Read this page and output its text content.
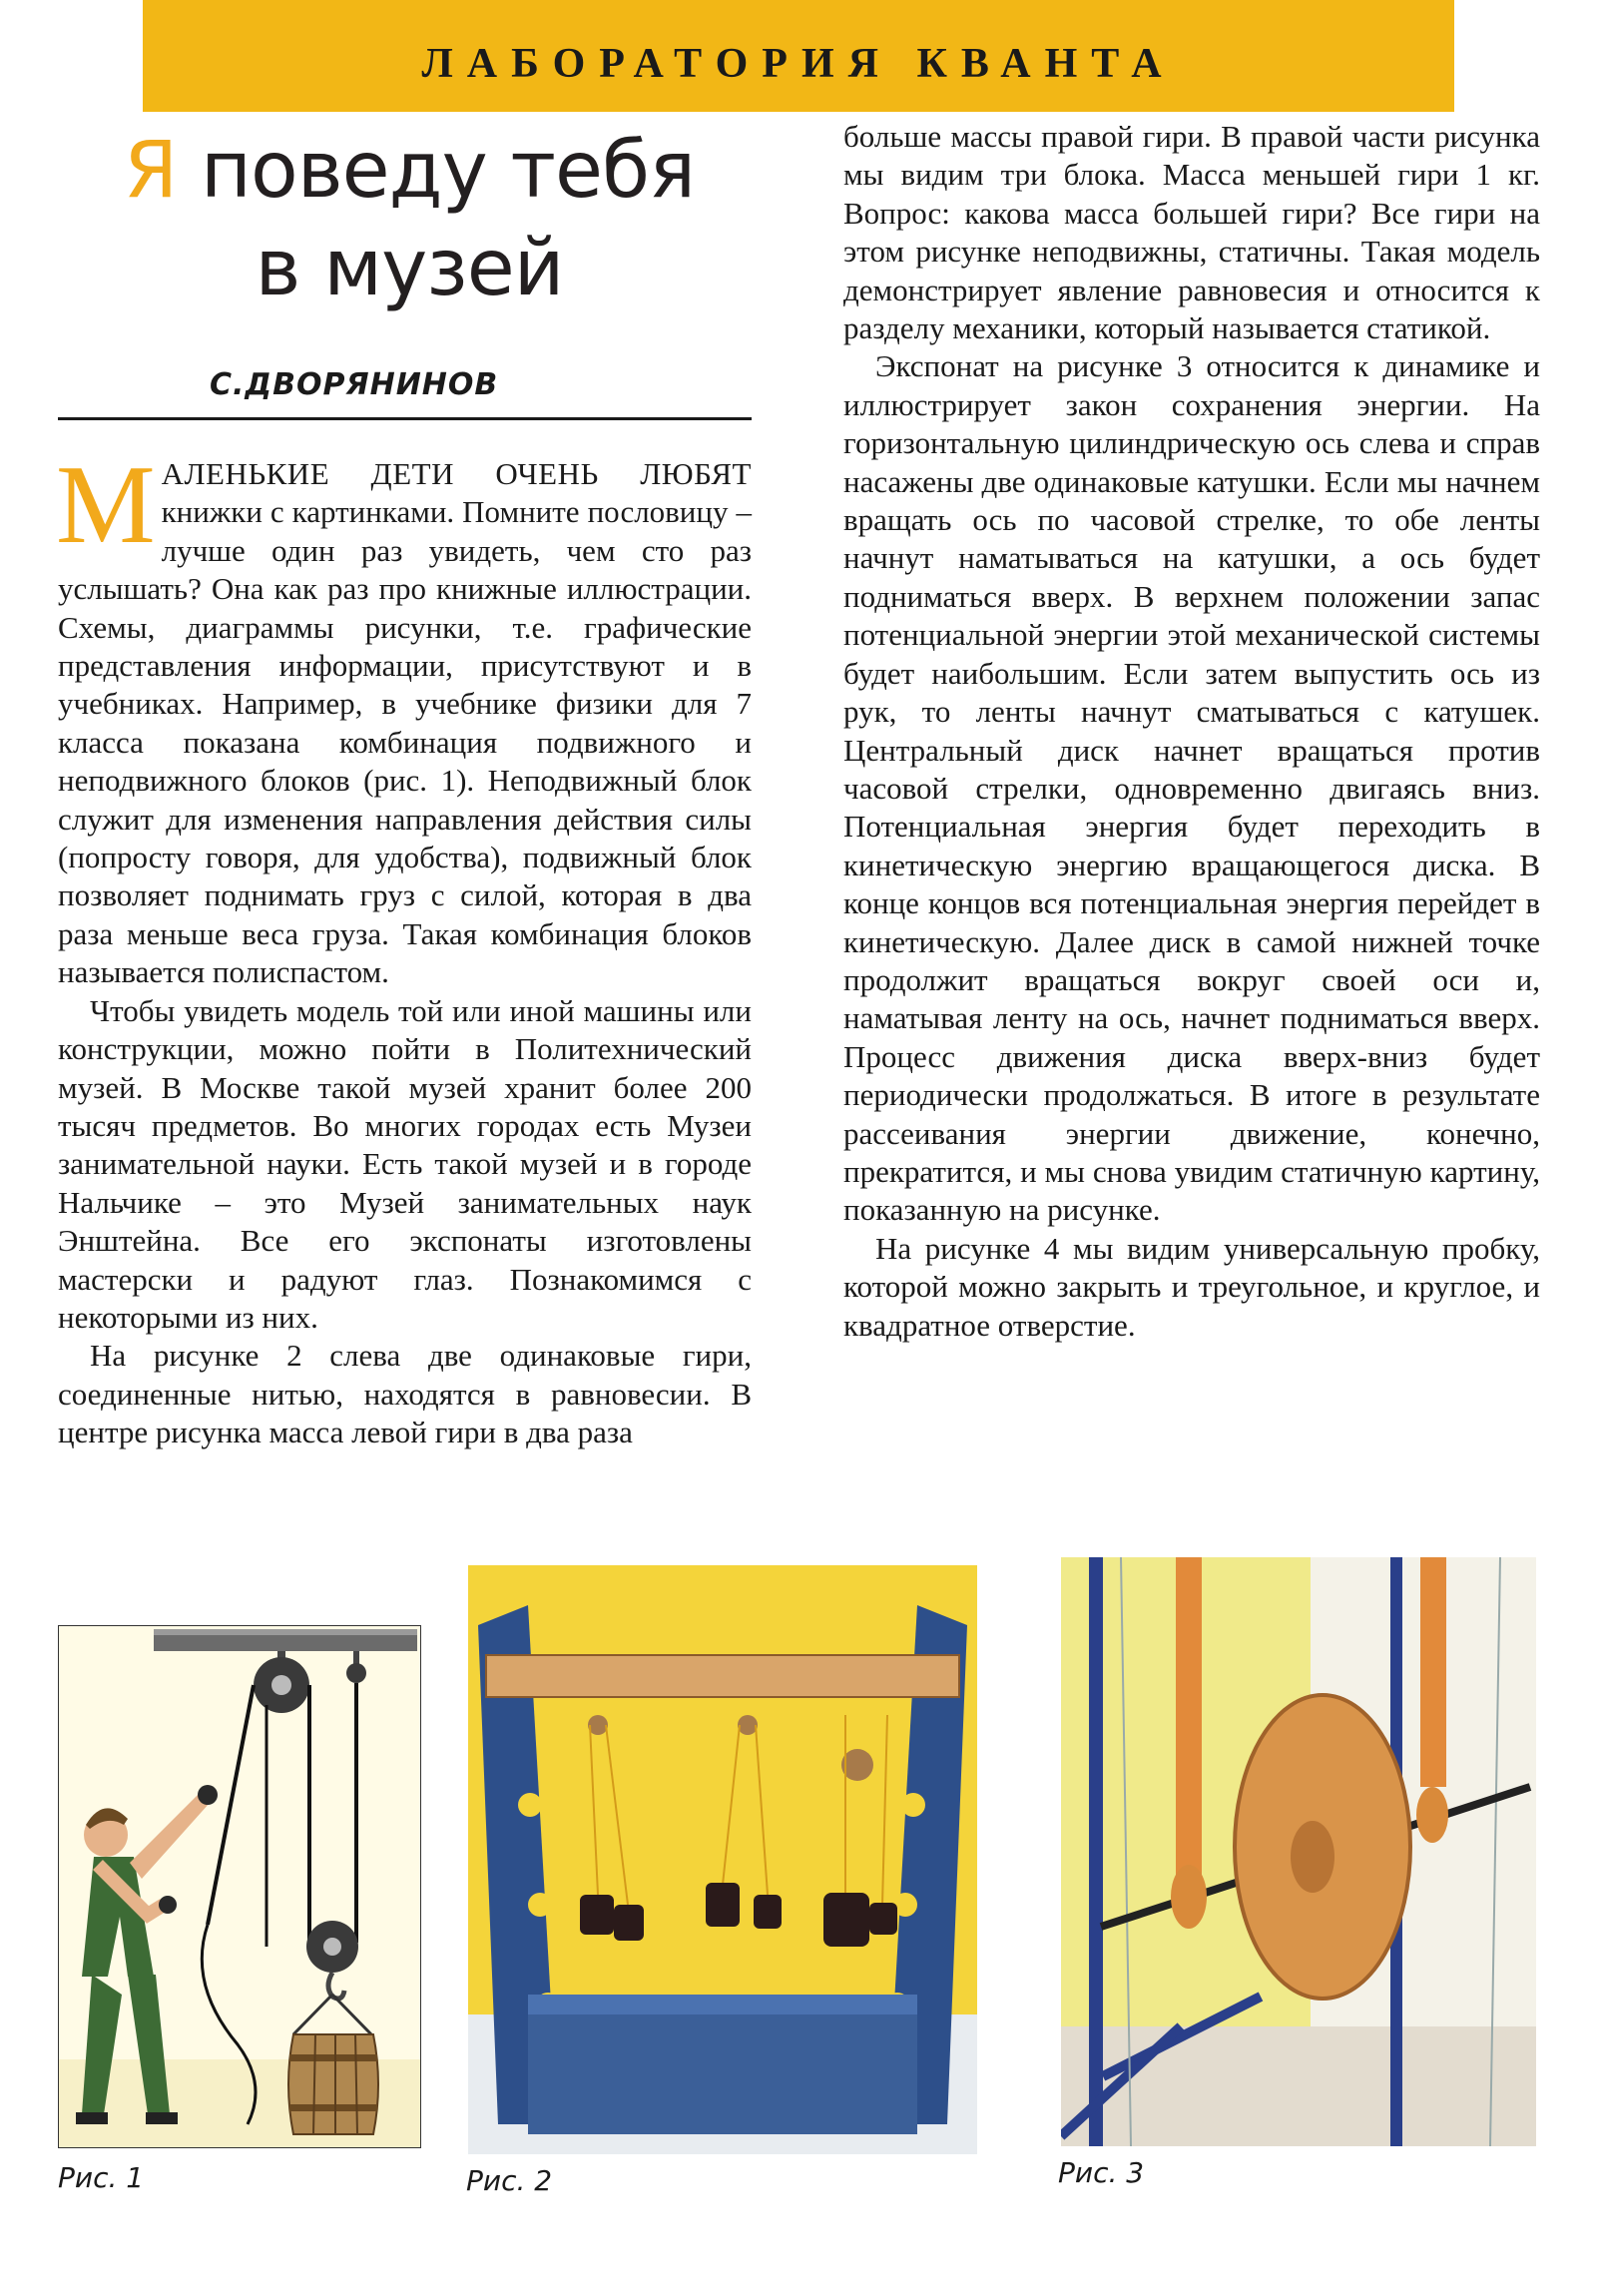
ЛАБОРАТОРИЯ КВАНТА
Я поведу тебя
в музей
С.ДВОРЯНИНОВ

МАЛЕНЬКИЕ ДЕТИ ОЧЕНЬ ЛЮБЯТ книжки с картинками. Помните пословицу – лучше один раз увидеть, чем сто раз услышать? Она как раз про книжные иллюстрации. Схемы, диаграммы рисунки, т.е. графические представления информации, присутствуют и в учебниках. Например, в учебнике физики для 7 класса показана комбинация подвижного и неподвижного блоков (рис. 1). Неподвижный блок служит для изменения направления действия силы (попросту говоря, для удобства), подвижный блок позволяет поднимать груз с силой, которая в два раза меньше веса груза. Такая комбинация блоков называется полиспастом.

Чтобы увидеть модель той или иной машины или конструкции, можно пойти в Политехнический музей. В Москве такой музей хранит более 200 тысяч предметов. Во многих городах есть Музеи занимательной науки. Есть такой музей и в городе Нальчике – это Музей занимательных наук Энштейна. Все его экспонаты изготовлены мастерски и радуют глаз. Познакомимся с некоторыми из них.

На рисунке 2 слева две одинаковые гири, соединенные нитью, находятся в равновесии. В центре рисунка масса левой гири в два раза

больше массы правой гири. В правой части рисунка мы видим три блока. Масса меньшей гири 1 кг. Вопрос: какова масса большей гири? Все гири на этом рисунке неподвижны, статичны. Такая модель демонстрирует явление равновесия и относится к разделу механики, который называется статикой.

Экспонат на рисунке 3 относится к динамике и иллюстрирует закон сохранения энергии. На горизонтальную цилиндрическую ось слева и справ насажены две одинаковые катушки. Если мы начнем вращать ось по часовой стрелке, то обе ленты начнут наматываться на катушки, а ось будет подниматься вверх. В верхнем положении запас потенциальной энергии этой механической системы будет наибольшим. Если затем выпустить ось из рук, то ленты начнут сматываться с катушек. Центральный диск начнет вращаться против часовой стрелки, одновременно двигаясь вниз. Потенциальная энергия будет переходить в кинетическую энергию вращающегося диска. В конце концов вся потенциальная энергия перейдет в кинетическую. Далее диск в самой нижней точке продолжит вращаться вокруг своей оси и, наматывая ленту на ось, начнет подниматься вверх. Процесс движения диска вверх-вниз будет периодически продолжаться. В итоге в результате рассеивания энергии движение, конечно, прекратится, и мы снова увидим статичную картину, показанную на рисунке.

На рисунке 4 мы видим универсальную пробку, которой можно закрыть и треугольное, и круглое, и квадратное отверстие.

Рис. 1	Рис. 2	Рис. 3
